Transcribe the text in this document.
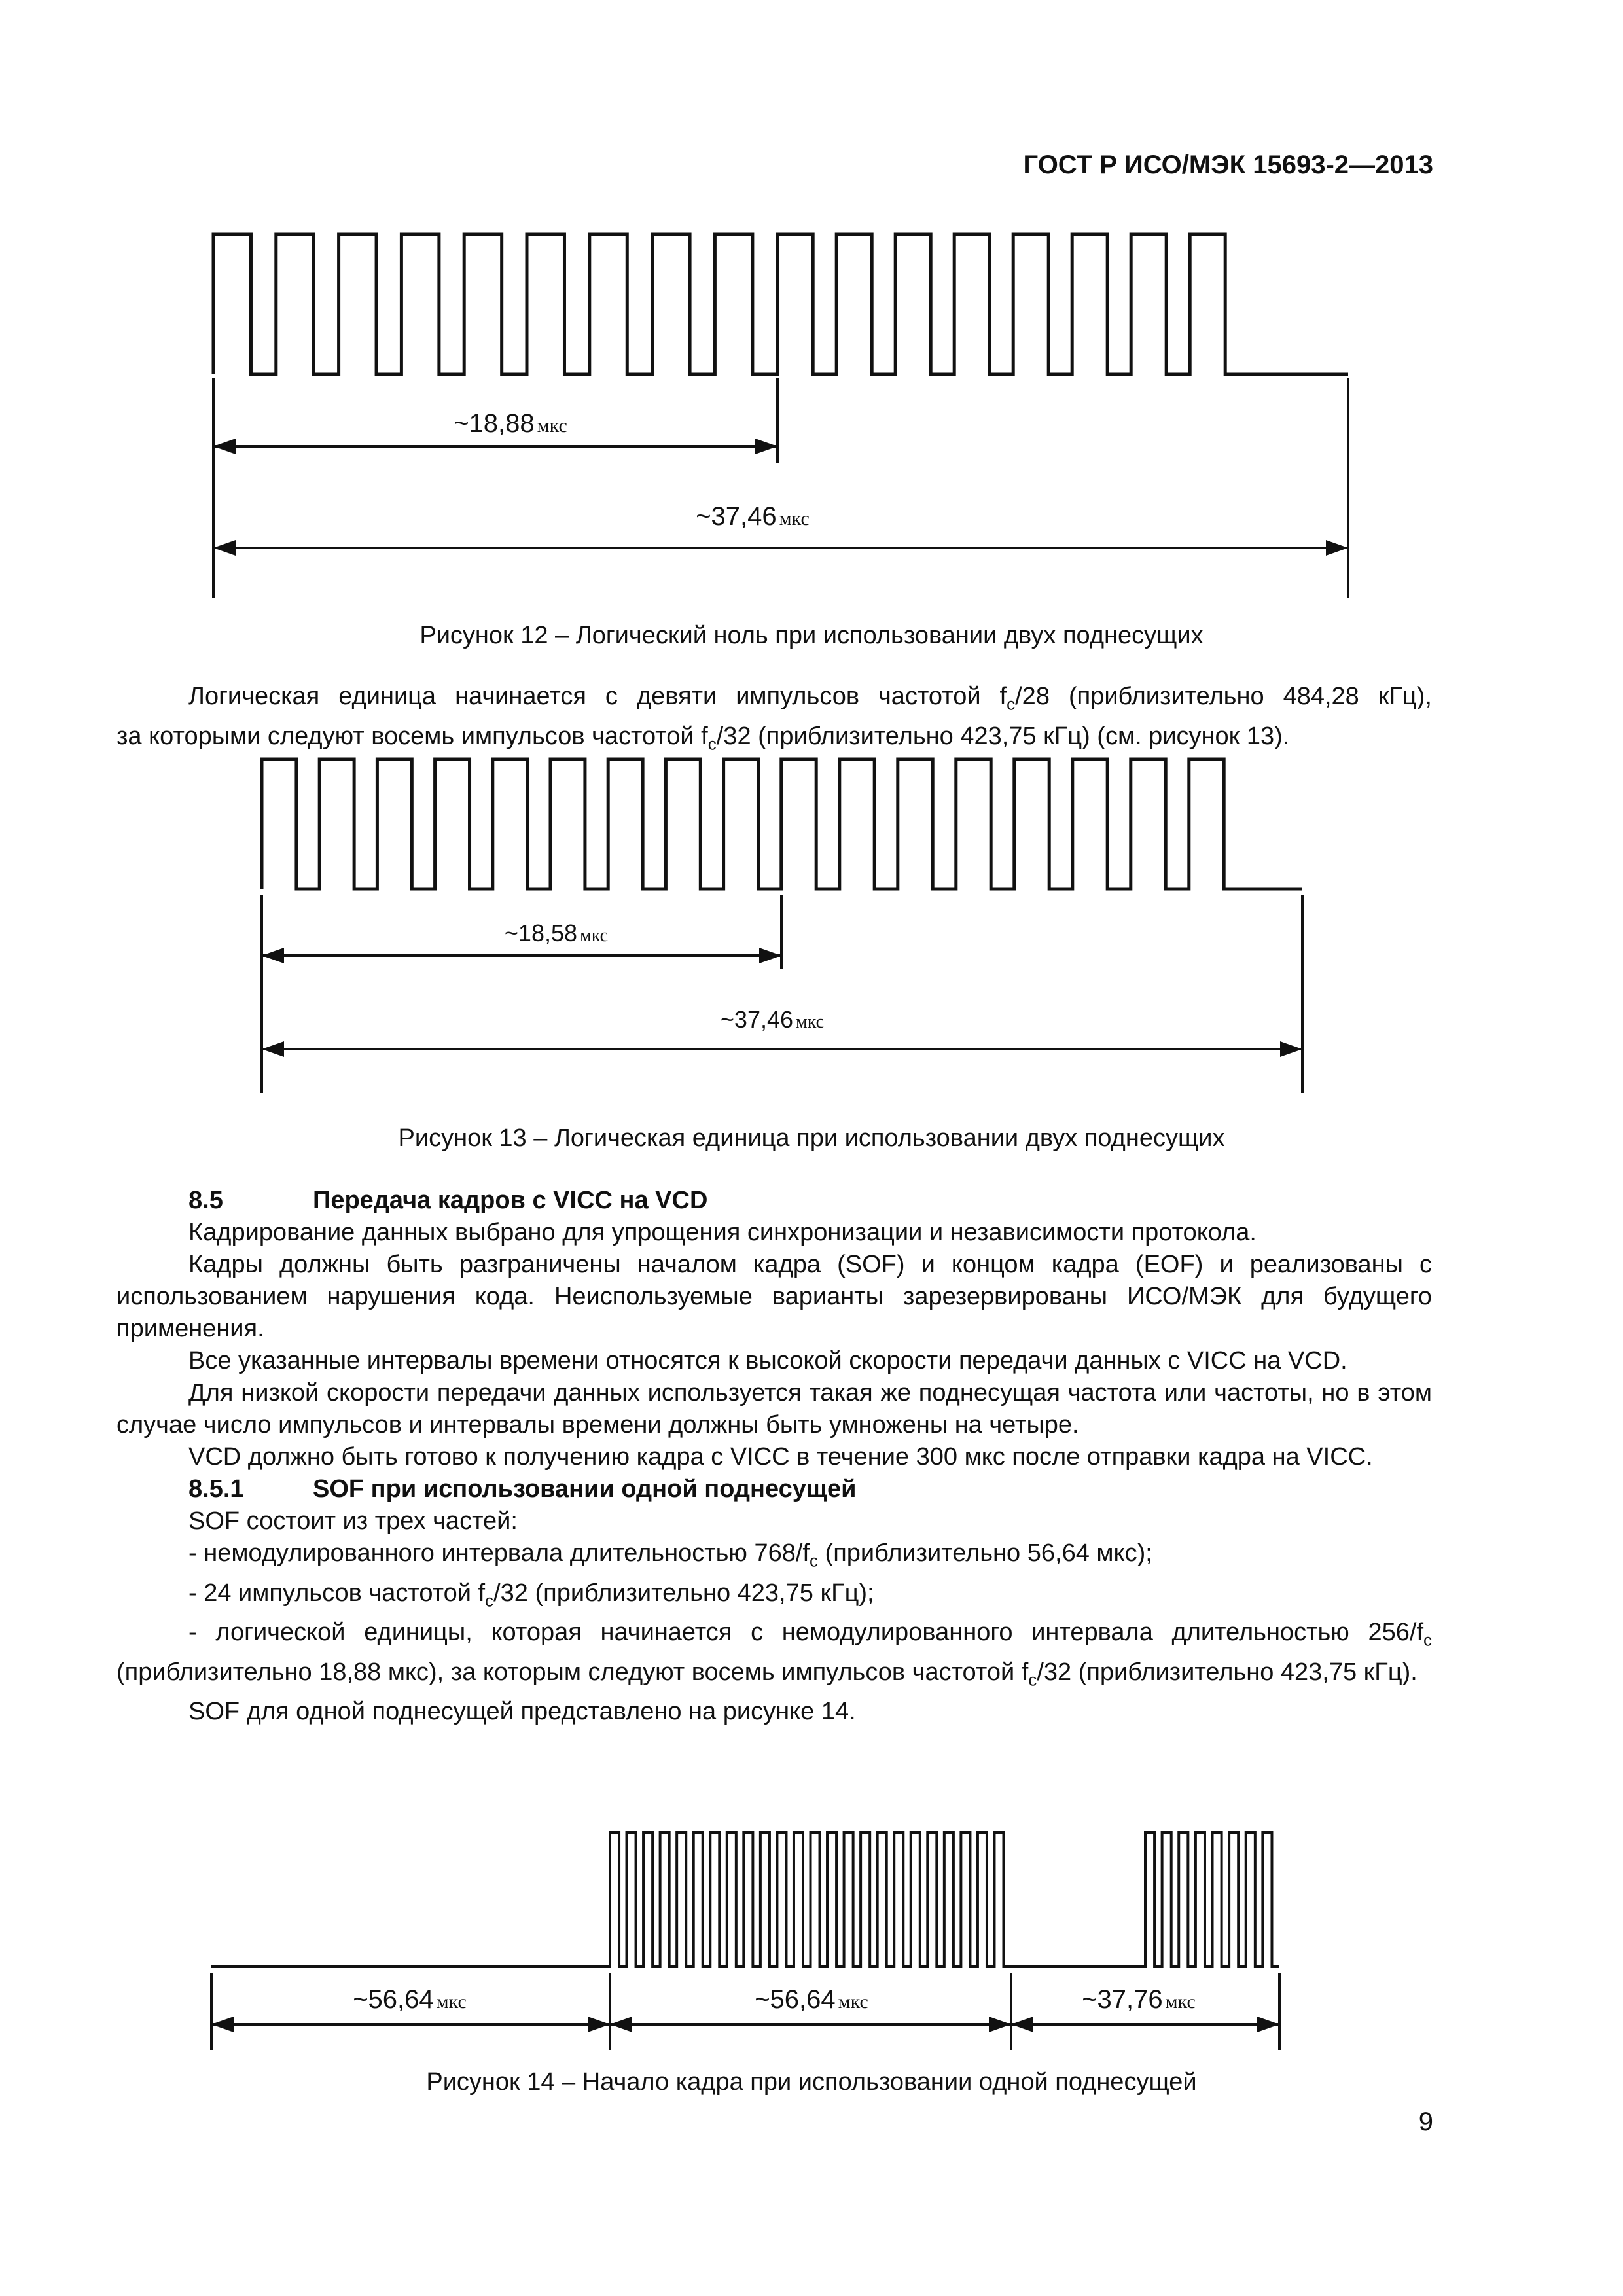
ГОСТ Р ИСО/МЭК 15693-2—2013
~18,88 мкс
~37,46 мкс
Рисунок 12 – Логический ноль при использовании двух поднесущих

Логическая единица начинается с девяти импульсов частотой $f_c/28$ (приблизительно 484,28 кГц),

за которыми следуют восемь импульсов частотой $f_c/32$ (приблизительно 423,75 кГц) (см. рисунок 13).

~18,58 мкс
~37,46 мкс
Рисунок 13 – Логическая единица при использовании двух поднесущих

8.5	Передача кадров с VICC на VCD

Кадрирование данных выбрано для упрощения синхронизации и независимости протокола.

Кадры должны быть разграничены началом кадра (SOF) и концом кадра (EOF) и реализованы с использованием нарушения кода. Неиспользуемые варианты зарезервированы ИСО/МЭК для будущего применения.

Все указанные интервалы времени относятся к высокой скорости передачи данных с VICC на VCD.

Для низкой скорости передачи данных используется такая же поднесущая частота или частоты, но в этом случае число импульсов и интервалы времени должны быть умножены на четыре.

VCD должно быть готово к получению кадра с VICC в течение 300 мкс после отправки кадра на VICC.

8.5.1	SOF при использовании одной поднесущей

SOF состоит из трех частей:

- немодулированного интервала длительностью $768/f_c$ (приблизительно 56,64 мкс);

- 24 импульсов частотой $f_c/32$ (приблизительно 423,75 кГц);

- логической единицы, которая начинается с немодулированного интервала длительностью $256/f_c$ (приблизительно 18,88 мкс), за которым следуют восемь импульсов частотой $f_c/32$ (приблизительно 423,75 кГц).

SOF для одной поднесущей представлено на рисунке 14.

~56,64 мкс	~56,64 мкс	~37,76 мкс
Рисунок 14 – Начало кадра при использовании одной поднесущей
9
